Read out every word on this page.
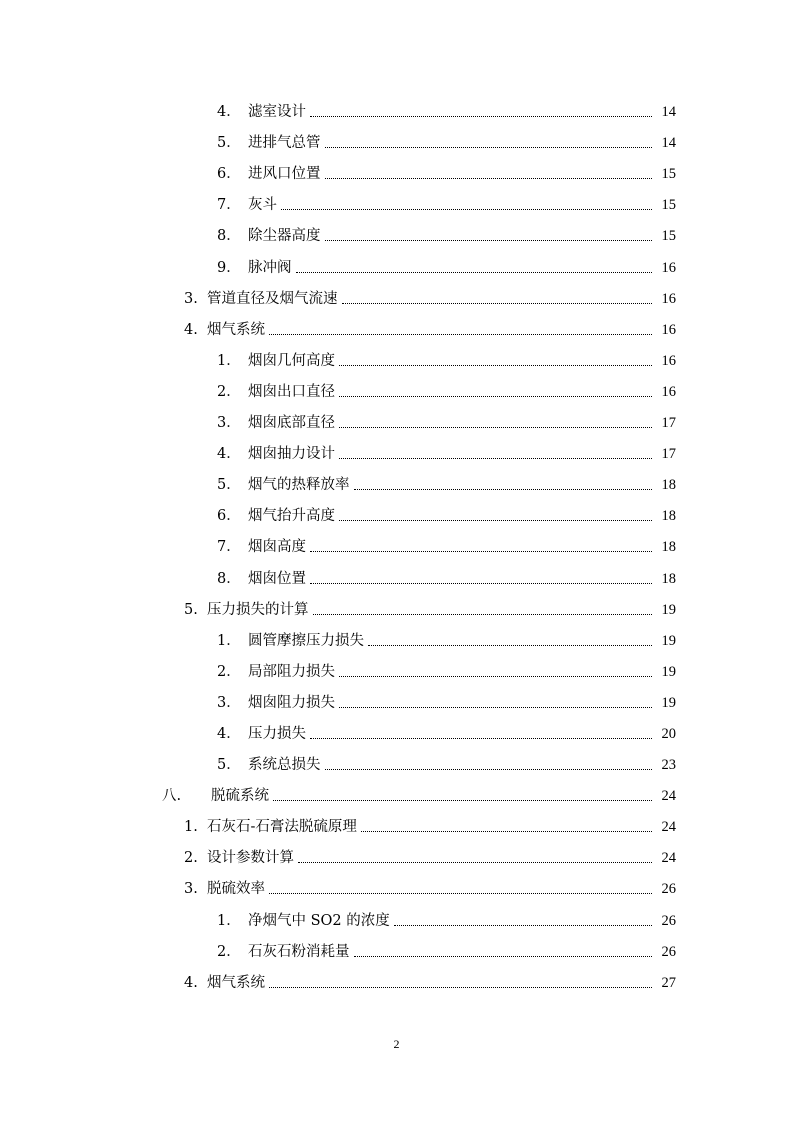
4． 滤室设计	14
5． 进排气总管	14
6． 进风口位置	15
7． 灰斗	15
8． 除尘器高度	15
9． 脉冲阀	16
3. 管道直径及烟气流速	16
4. 烟气系统	16
1． 烟囱几何高度	16
2． 烟囱出口直径	16
3． 烟囱底部直径	17
4． 烟囱抽力设计	17
5． 烟气的热释放率	18
6． 烟气抬升高度	18
7． 烟囱高度	18
8． 烟囱位置	18
5. 压力损失的计算	19
1． 圆管摩擦压力损失	19
2． 局部阻力损失	19
3． 烟囱阻力损失	19
4． 压力损失	20
5． 系统总损失	23
八.	脱硫系统	24
1. 石灰石-石膏法脱硫原理	24
2. 设计参数计算	24
3. 脱硫效率	26
1． 净烟气中 SO2 的浓度	26
2． 石灰石粉消耗量	26
4. 烟气系统	27
2
